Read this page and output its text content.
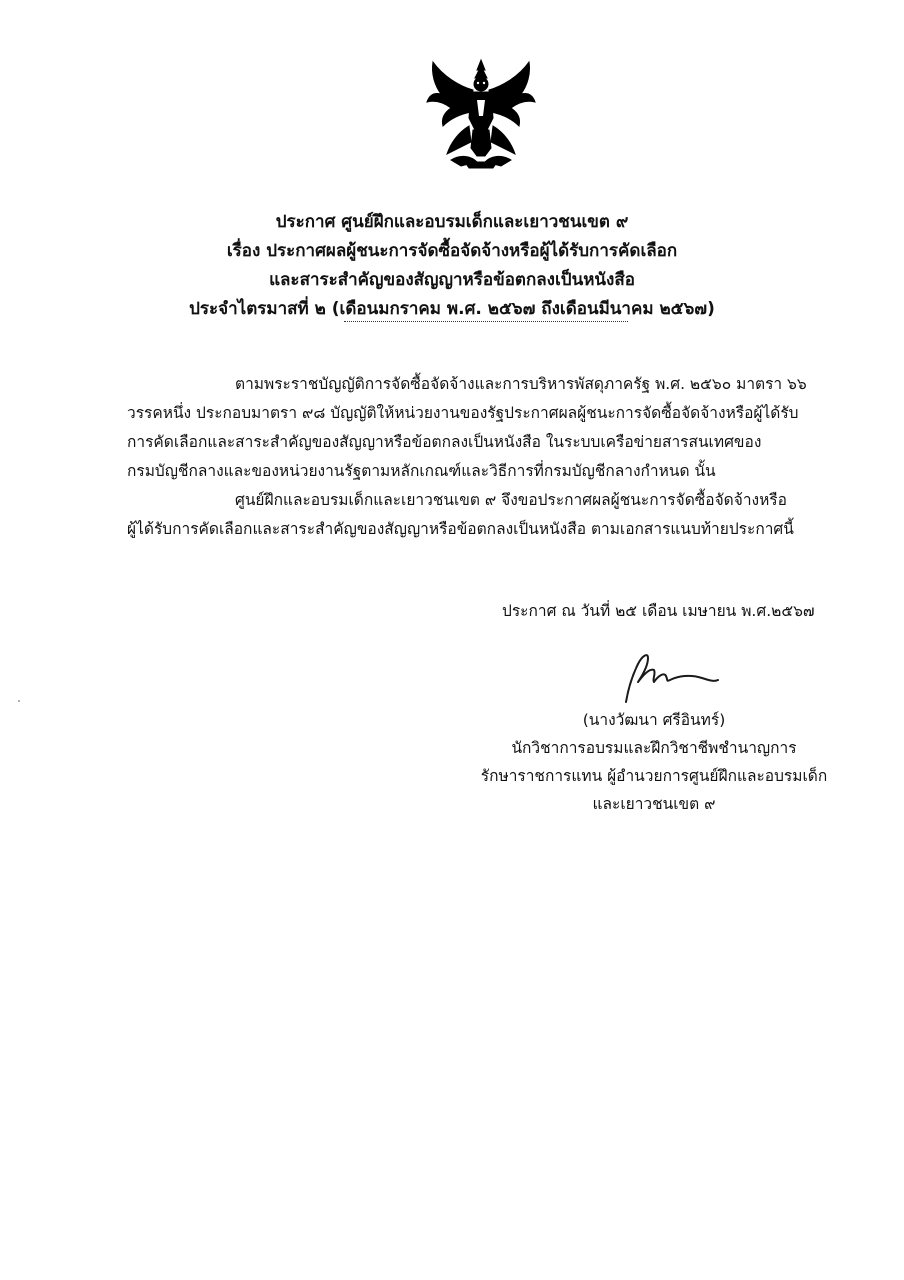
ประกาศ ศูนย์ฝึกและอบรมเด็กและเยาวชนเขต ๙
เรื่อง ประกาศผลผู้ชนะการจัดซื้อจัดจ้างหรือผู้ได้รับการคัดเลือก
และสาระสำคัญของสัญญาหรือข้อตกลงเป็นหนังสือ
ประจำไตรมาสที่ ๒ (เดือนมกราคม พ.ศ. ๒๕๖๗ ถึงเดือนมีนาคม ๒๕๖๗)
ตามพระราชบัญญัติการจัดซื้อจัดจ้างและการบริหารพัสดุภาครัฐ พ.ศ. ๒๕๖๐ มาตรา ๖๖
วรรคหนึ่ง ประกอบมาตรา ๙๘ บัญญัติให้หน่วยงานของรัฐประกาศผลผู้ชนะการจัดซื้อจัดจ้างหรือผู้ได้รับ
การคัดเลือกและสาระสำคัญของสัญญาหรือข้อตกลงเป็นหนังสือ ในระบบเครือข่ายสารสนเทศของ
กรมบัญชีกลางและของหน่วยงานรัฐตามหลักเกณฑ์และวิธีการที่กรมบัญชีกลางกำหนด นั้น
ศูนย์ฝึกและอบรมเด็กและเยาวชนเขต ๙ จึงขอประกาศผลผู้ชนะการจัดซื้อจัดจ้างหรือ
ผู้ได้รับการคัดเลือกและสาระสำคัญของสัญญาหรือข้อตกลงเป็นหนังสือ ตามเอกสารแนบท้ายประกาศนี้
ประกาศ ณ วันที่ ๒๕ เดือน เมษายน พ.ศ.๒๕๖๗
(นางวัฒนา ศรีอินทร์)
นักวิชาการอบรมและฝึกวิชาชีพชำนาญการ
รักษาราชการแทน ผู้อำนวยการศูนย์ฝึกและอบรมเด็ก
และเยาวชนเขต ๙
